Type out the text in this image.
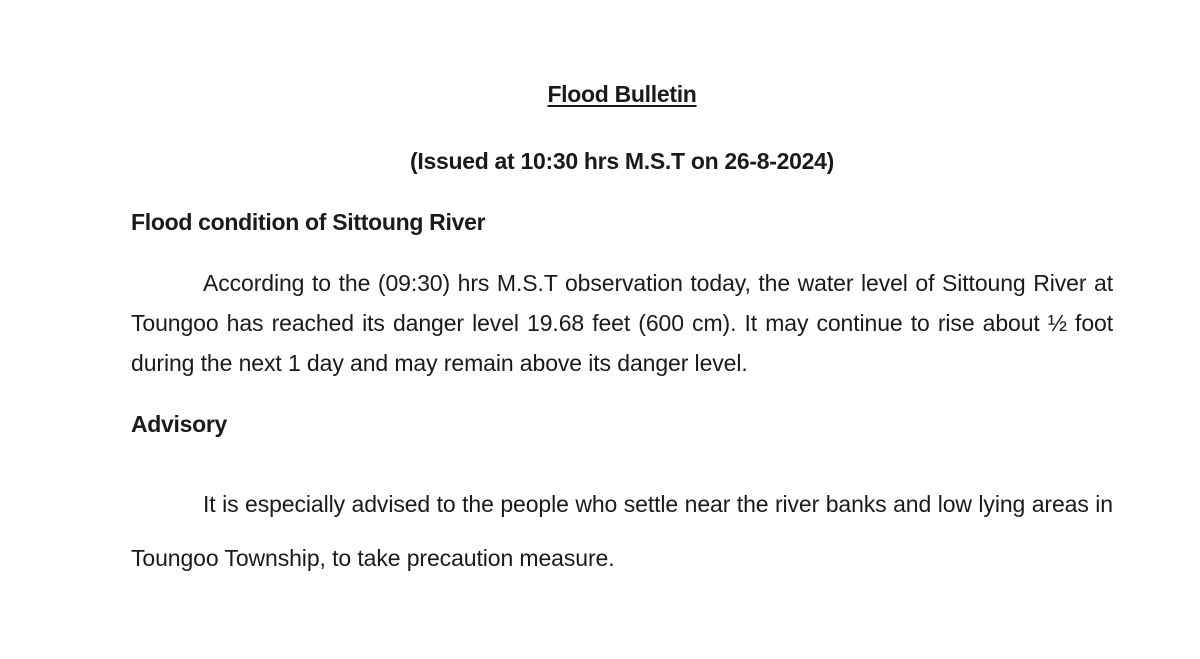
Flood Bulletin
(Issued at 10:30 hrs M.S.T on 26-8-2024)
Flood condition of Sittoung River
According to the (09:30) hrs M.S.T observation today, the water level of Sittoung River at Toungoo has reached its danger level 19.68 feet (600 cm). It may continue to rise about ½ foot during the next 1 day and may remain above its danger level.
Advisory
It is especially advised to the people who settle near the river banks and low lying areas in Toungoo Township, to take precaution measure.
